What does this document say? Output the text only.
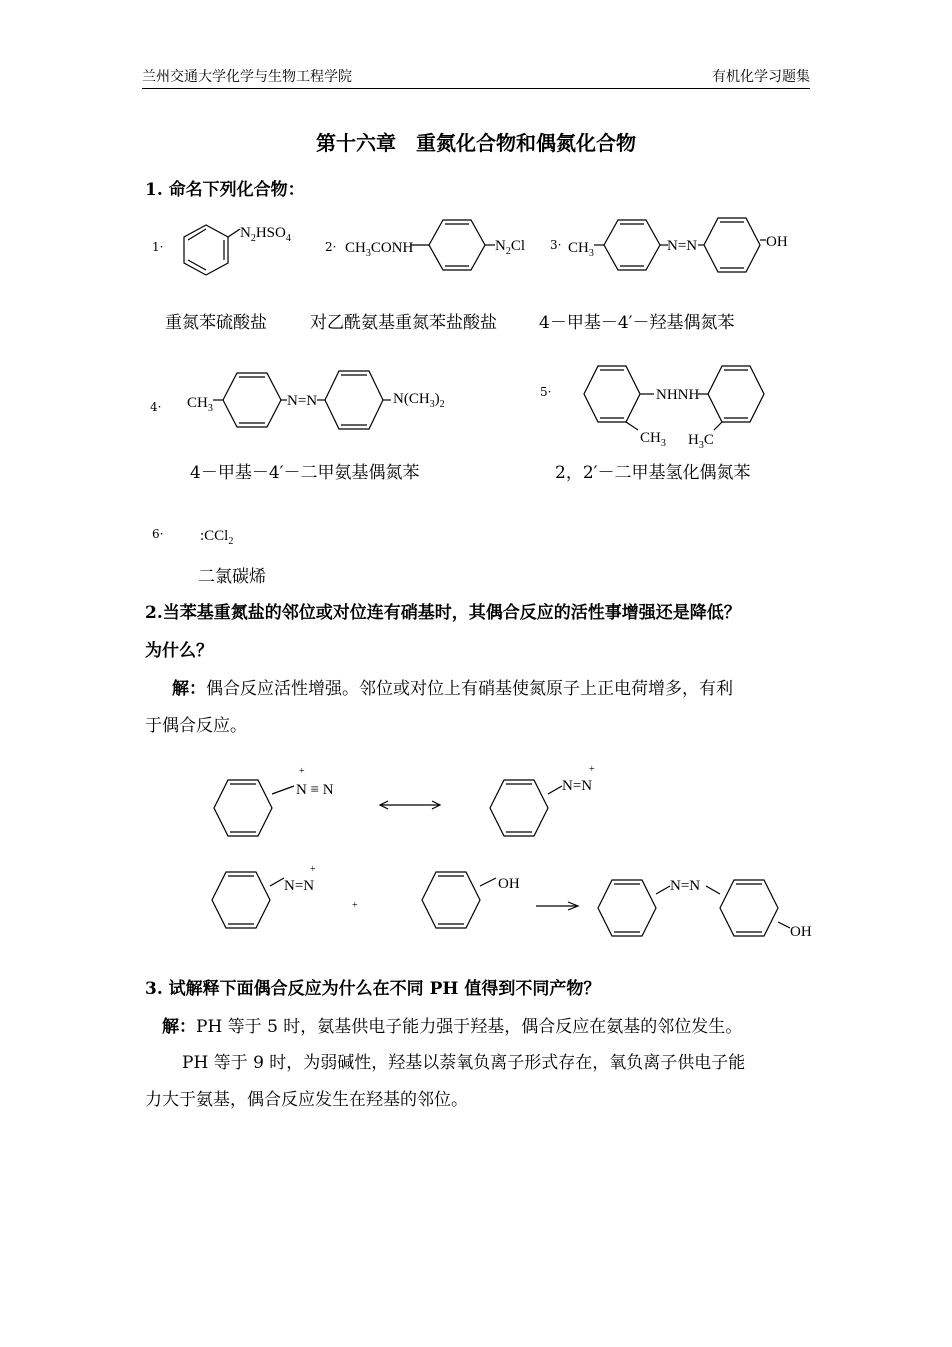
兰州交通大学化学与生物工程学院	有机化学习题集
第十六章　重氮化合物和偶氮化合物
1. 命名下列化合物：
1·
$N_2HSO_4$
$2\cdot CH_3CONH$	$N_2Cl$ $3\cdot CH_3$	N=N	OH
重氮苯硫酸盐	对乙酰氨基重氮苯盐酸盐 4－甲基－4′－羟基偶氮苯
$4\cdot CH_3$	N=N	$N(CH_3)_2$
5·	NHNH
$CH_3$ $H_3C$
4－甲基－4′－二甲氨基偶氮苯	2，2′－二甲基氢化偶氮苯
6· :CCl$_2$
二氯碳烯
2.当苯基重氮盐的邻位或对位连有硝基时，其偶合反应的活性事增强还是降低？
为什么？
解：偶合反应活性增强。邻位或对位上有硝基使氮原子上正电荷增多，有利
于偶合反应。
+
N ≡ N
+
N=N
+
N=N
+
OH	N=N
OH
3. 试解释下面偶合反应为什么在不同 PH 值得到不同产物？
解：PH 等于 5 时，氨基供电子能力强于羟基，偶合反应在氨基的邻位发生。
PH 等于 9 时，为弱碱性，羟基以萘氧负离子形式存在，氧负离子供电子能
力大于氨基，偶合反应发生在羟基的邻位。
